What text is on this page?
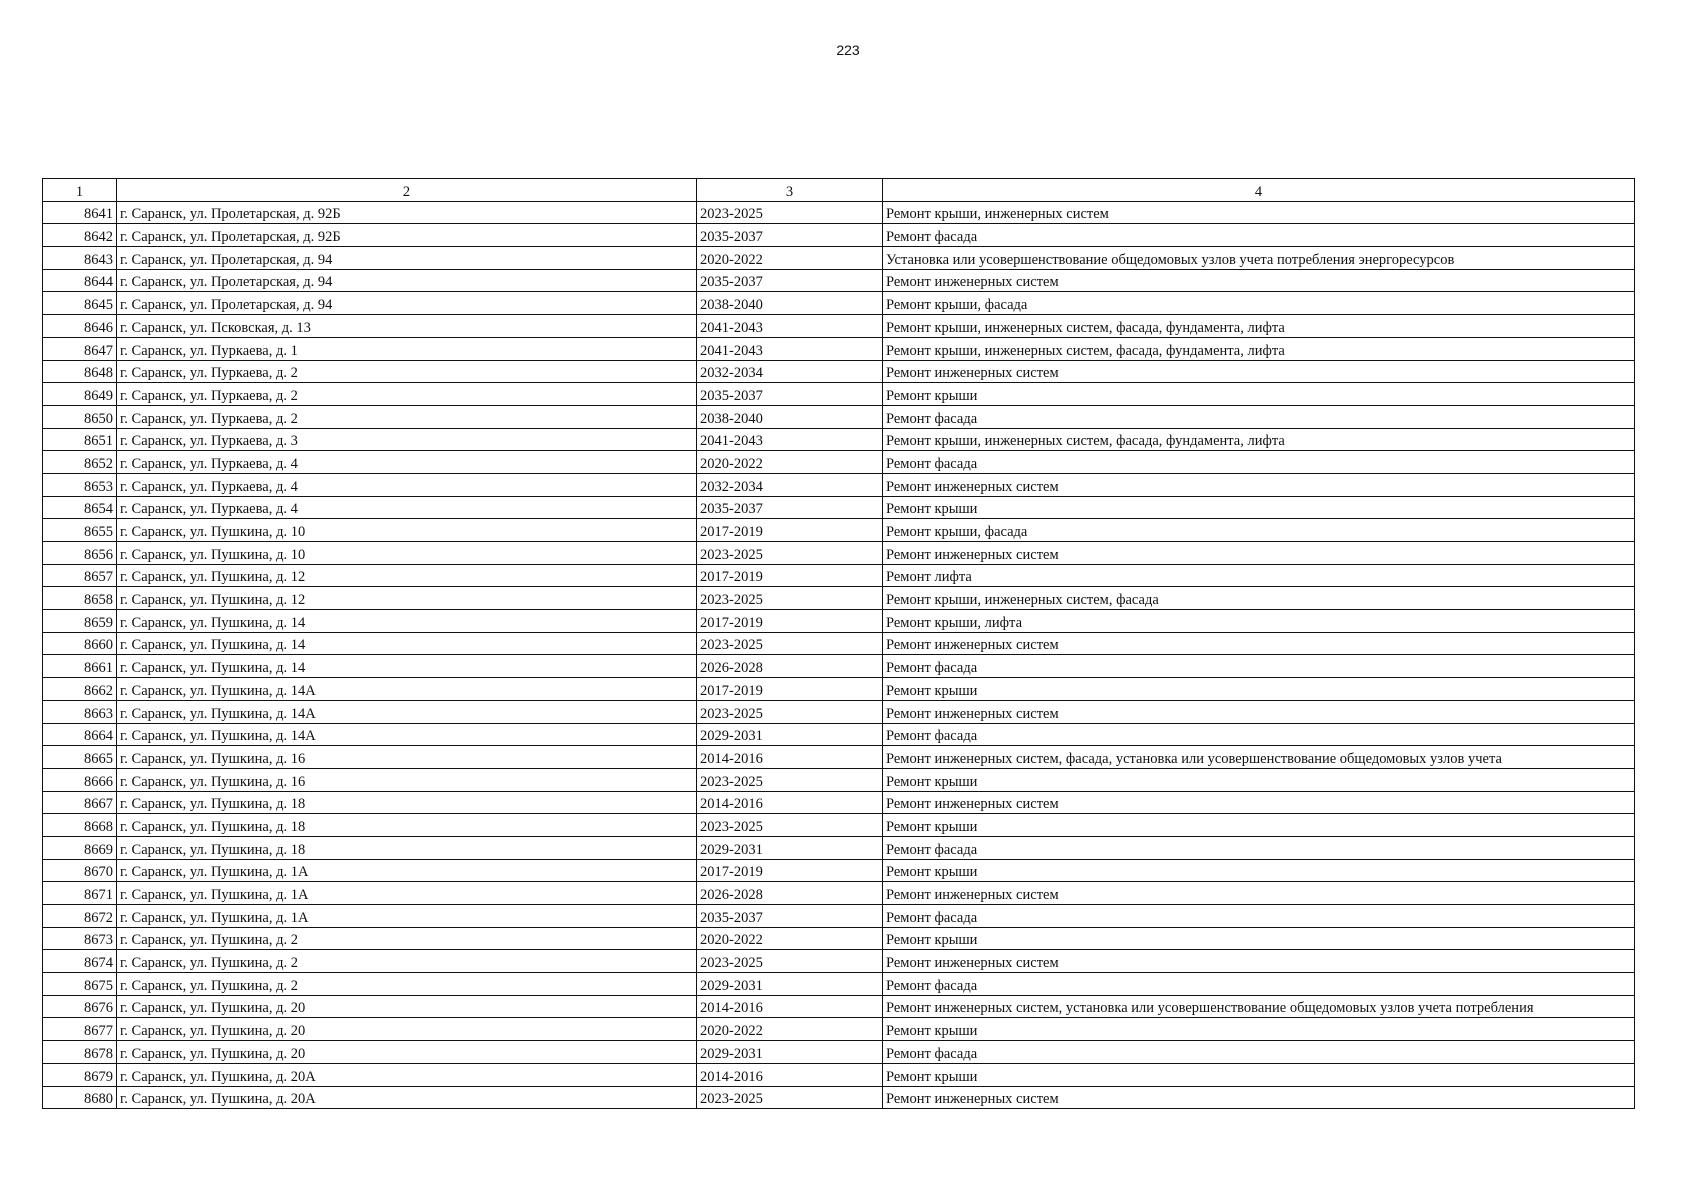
223
1	2	3	4
8641	г. Саранск, ул. Пролетарская, д. 92Б	2023-2025	Ремонт крыши, инженерных систем
8642	г. Саранск, ул. Пролетарская, д. 92Б	2035-2037	Ремонт фасада
8643	г. Саранск, ул. Пролетарская, д. 94	2020-2022	Установка или усовершенствование общедомовых узлов учета потребления энергоресурсов
8644	г. Саранск, ул. Пролетарская, д. 94	2035-2037	Ремонт инженерных систем
8645	г. Саранск, ул. Пролетарская, д. 94	2038-2040	Ремонт крыши, фасада
8646	г. Саранск, ул. Псковская, д. 13	2041-2043	Ремонт крыши, инженерных систем, фасада, фундамента, лифта
8647	г. Саранск, ул. Пуркаева, д. 1	2041-2043	Ремонт крыши, инженерных систем, фасада, фундамента, лифта
8648	г. Саранск, ул. Пуркаева, д. 2	2032-2034	Ремонт инженерных систем
8649	г. Саранск, ул. Пуркаева, д. 2	2035-2037	Ремонт крыши
8650	г. Саранск, ул. Пуркаева, д. 2	2038-2040	Ремонт фасада
8651	г. Саранск, ул. Пуркаева, д. 3	2041-2043	Ремонт крыши, инженерных систем, фасада, фундамента, лифта
8652	г. Саранск, ул. Пуркаева, д. 4	2020-2022	Ремонт фасада
8653	г. Саранск, ул. Пуркаева, д. 4	2032-2034	Ремонт инженерных систем
8654	г. Саранск, ул. Пуркаева, д. 4	2035-2037	Ремонт крыши
8655	г. Саранск, ул. Пушкина, д. 10	2017-2019	Ремонт крыши, фасада
8656	г. Саранск, ул. Пушкина, д. 10	2023-2025	Ремонт инженерных систем
8657	г. Саранск, ул. Пушкина, д. 12	2017-2019	Ремонт лифта
8658	г. Саранск, ул. Пушкина, д. 12	2023-2025	Ремонт крыши, инженерных систем, фасада
8659	г. Саранск, ул. Пушкина, д. 14	2017-2019	Ремонт крыши, лифта
8660	г. Саранск, ул. Пушкина, д. 14	2023-2025	Ремонт инженерных систем
8661	г. Саранск, ул. Пушкина, д. 14	2026-2028	Ремонт фасада
8662	г. Саранск, ул. Пушкина, д. 14А	2017-2019	Ремонт крыши
8663	г. Саранск, ул. Пушкина, д. 14А	2023-2025	Ремонт инженерных систем
8664	г. Саранск, ул. Пушкина, д. 14А	2029-2031	Ремонт фасада
8665	г. Саранск, ул. Пушкина, д. 16	2014-2016	Ремонт инженерных систем, фасада, установка или усовершенствование общедомовых узлов учета
8666	г. Саранск, ул. Пушкина, д. 16	2023-2025	Ремонт крыши
8667	г. Саранск, ул. Пушкина, д. 18	2014-2016	Ремонт инженерных систем
8668	г. Саранск, ул. Пушкина, д. 18	2023-2025	Ремонт крыши
8669	г. Саранск, ул. Пушкина, д. 18	2029-2031	Ремонт фасада
8670	г. Саранск, ул. Пушкина, д. 1А	2017-2019	Ремонт крыши
8671	г. Саранск, ул. Пушкина, д. 1А	2026-2028	Ремонт инженерных систем
8672	г. Саранск, ул. Пушкина, д. 1А	2035-2037	Ремонт фасада
8673	г. Саранск, ул. Пушкина, д. 2	2020-2022	Ремонт крыши
8674	г. Саранск, ул. Пушкина, д. 2	2023-2025	Ремонт инженерных систем
8675	г. Саранск, ул. Пушкина, д. 2	2029-2031	Ремонт фасада
8676	г. Саранск, ул. Пушкина, д. 20	2014-2016	Ремонт инженерных систем, установка или усовершенствование общедомовых узлов учета потребления
8677	г. Саранск, ул. Пушкина, д. 20	2020-2022	Ремонт крыши
8678	г. Саранск, ул. Пушкина, д. 20	2029-2031	Ремонт фасада
8679	г. Саранск, ул. Пушкина, д. 20А	2014-2016	Ремонт крыши
8680	г. Саранск, ул. Пушкина, д. 20А	2023-2025	Ремонт инженерных систем
